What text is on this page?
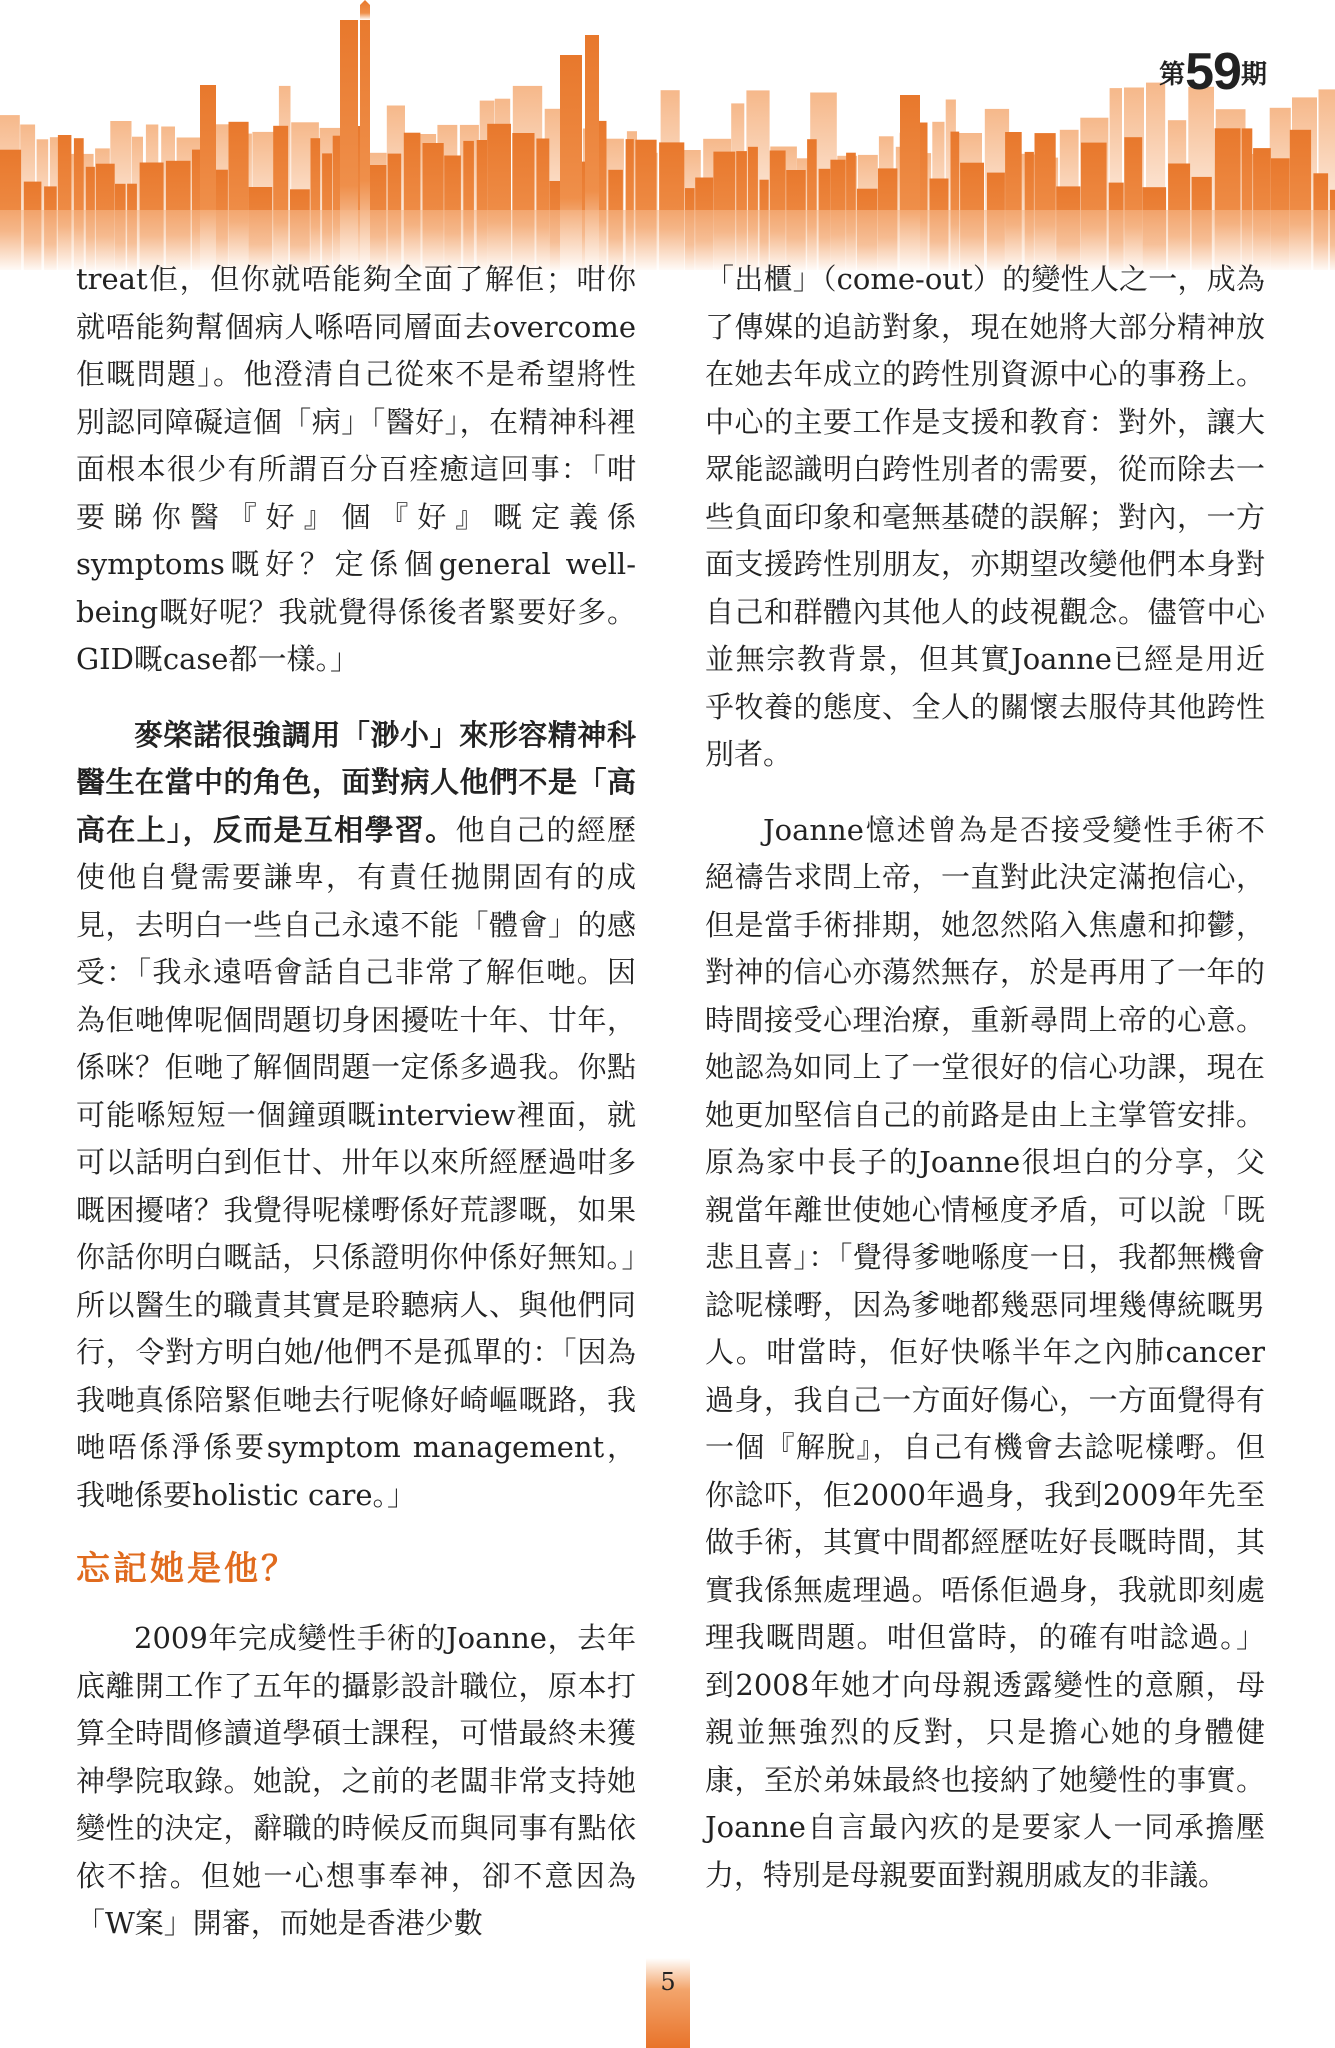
第59期

treat佢，但你就唔能夠全面了解佢；咁你就唔能夠幫個病人喺唔同層面去overcome佢嘅問題」。他澄清自己從來不是希望將性別認同障礙這個「病」「醫好」，在精神科裡面根本很少有所謂百分百痊癒這回事：「咁要睇你醫『好』個『好』嘅定義係symptoms嘅好？定係個general well-being嘅好呢？我就覺得係後者緊要好多。GID嘅case都一樣。」

麥棨諾很強調用「渺小」來形容精神科醫生在當中的角色，面對病人他們不是「高高在上」，反而是互相學習。他自己的經歷使他自覺需要謙卑，有責任拋開固有的成見，去明白一些自己永遠不能「體會」的感受：「我永遠唔會話自己非常了解佢哋。因為佢哋俾呢個問題切身困擾咗十年、廿年，係咪？佢哋了解個問題一定係多過我。你點可能喺短短一個鐘頭嘅interview裡面，就可以話明白到佢廿、卅年以來所經歷過咁多嘅困擾啫？我覺得呢樣嘢係好荒謬嘅，如果你話你明白嘅話，只係證明你仲係好無知。」所以醫生的職責其實是聆聽病人、與他們同行，令對方明白她/他們不是孤單的：「因為我哋真係陪緊佢哋去行呢條好崎嶇嘅路，我哋唔係淨係要symptom management，我哋係要holistic care。」

忘記她是他？

2009年完成變性手術的Joanne，去年底離開工作了五年的攝影設計職位，原本打算全時間修讀道學碩士課程，可惜最終未獲神學院取錄。她說，之前的老闆非常支持她變性的決定，辭職的時候反而與同事有點依依不捨。但她一心想事奉神，卻不意因為「W案」開審，而她是香港少數

「出櫃」（come-out）的變性人之一，成為了傳媒的追訪對象，現在她將大部分精神放在她去年成立的跨性別資源中心的事務上。中心的主要工作是支援和教育：對外，讓大眾能認識明白跨性別者的需要，從而除去一些負面印象和毫無基礎的誤解；對內，一方面支援跨性別朋友，亦期望改變他們本身對自己和群體內其他人的歧視觀念。儘管中心並無宗教背景，但其實Joanne已經是用近乎牧養的態度、全人的關懷去服侍其他跨性別者。

Joanne憶述曾為是否接受變性手術不絕禱告求問上帝，一直對此決定滿抱信心，但是當手術排期，她忽然陷入焦慮和抑鬱，對神的信心亦蕩然無存，於是再用了一年的時間接受心理治療，重新尋問上帝的心意。她認為如同上了一堂很好的信心功課，現在她更加堅信自己的前路是由上主掌管安排。原為家中長子的Joanne很坦白的分享，父親當年離世使她心情極度矛盾，可以說「既悲且喜」：「覺得爹哋喺度一日，我都無機會諗呢樣嘢，因為爹哋都幾惡同埋幾傳統嘅男人。咁當時，佢好快喺半年之內肺cancer過身，我自己一方面好傷心，一方面覺得有一個『解脫』，自己有機會去諗呢樣嘢。但你諗吓，佢2000年過身，我到2009年先至做手術，其實中間都經歷咗好長嘅時間，其實我係無處理過。唔係佢過身，我就即刻處理我嘅問題。咁但當時，的確有咁諗過。」到2008年她才向母親透露變性的意願，母親並無強烈的反對，只是擔心她的身體健康，至於弟妹最終也接納了她變性的事實。Joanne自言最內疚的是要家人一同承擔壓力，特別是母親要面對親朋戚友的非議。

5
